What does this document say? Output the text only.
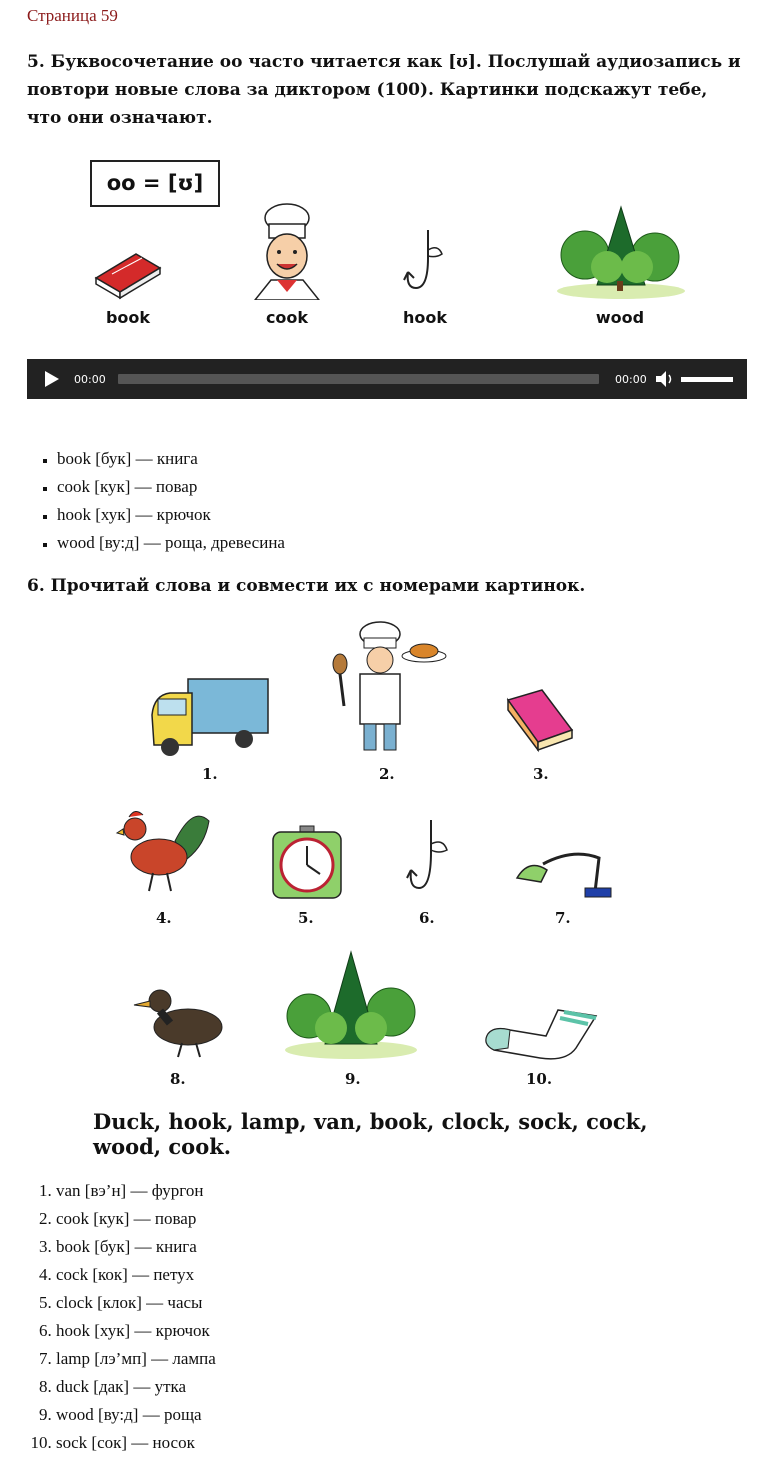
Страница 59
5. Буквосочетание oo часто читается как [ʊ]. Послушай аудиозапись и повтори новые слова за диктором (100). Картинки подскажут тебе, что они означают.
oo = [ʊ]
book	cook	hook	wood
00:00	00:00
▪ book [бук] — книга
▪ cook [кук] — повар
▪ hook [хук] — крючок
▪ wood [ву:д] — роща, древесина
6. Прочитай слова и совмести их с номерами картинок.
1.	2.	3.
4.	5.	6.	7.
8.	9.	10.
Duck, hook, lamp, van, book, clock, sock, cock, wood, cook.
1. van [вэ’н] — фургон
2. cook [кук] — повар
3. book [бук] — книга
4. cock [кок] — петух
5. clock [клок] — часы
6. hook [хук] — крючок
7. lamp [лэ’мп] — лампа
8. duck [дак] — утка
9. wood [ву:д] — роща
10. sock [сок] — носок
